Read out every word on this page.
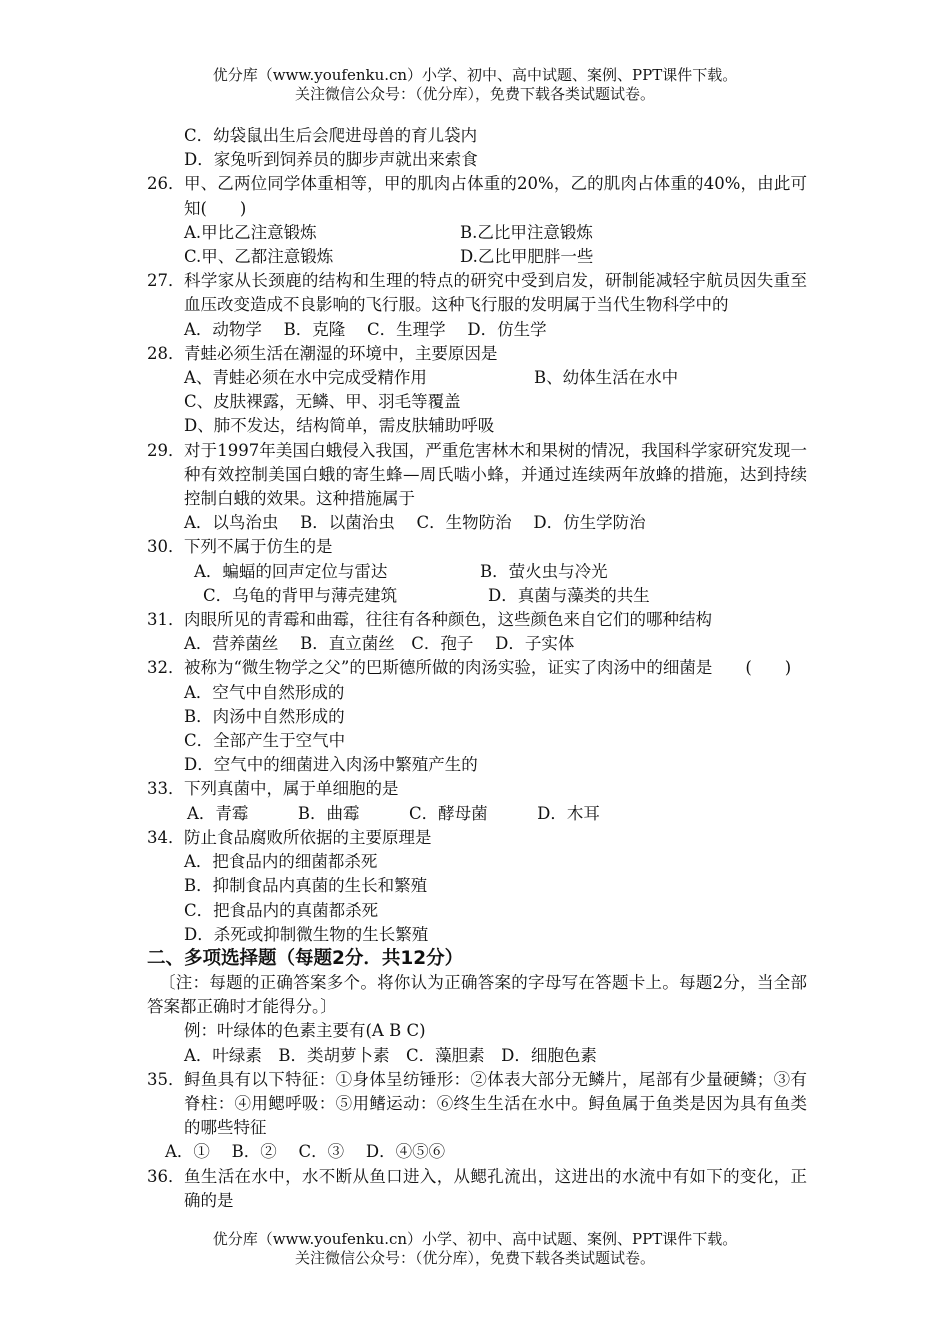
优分库（www.youfenku.cn）小学、初中、高中试题、案例、PPT课件下载。
关注微信公众号：（优分库），免费下载各类试题试卷。
C．幼袋鼠出生后会爬进母兽的育儿袋内
D．家兔听到饲养员的脚步声就出来索食
26． 甲、乙两位同学体重相等，甲的肌肉占体重的20%，乙的肌肉占体重的40%，由此可知(　　)
A.甲比乙注意锻炼	B.乙比甲注意锻炼
C.甲、乙都注意锻炼	D.乙比甲肥胖一些
27． 科学家从长颈鹿的结构和生理的特点的研究中受到启发，研制能减轻宇航员因失重至血压改变造成不良影响的飞行服。这种飞行服的发明属于当代生物科学中的
A．动物学　 B．克隆　 C．生理学　 D．仿生学
28． 青蛙必须生活在潮湿的环境中，主要原因是
A、青蛙必须在水中完成受精作用	B、幼体生活在水中
C、皮肤裸露，无鳞、甲、羽毛等覆盖
D、肺不发达，结构简单，需皮肤辅助呼吸
29． 对于1997年美国白蛾侵入我国，严重危害林木和果树的情况，我国科学家研究发现一种有效控制美国白蛾的寄生蜂—周氏啮小蜂，并通过连续两年放蜂的措施，达到持续控制白蛾的效果。这种措施属于
A．以鸟治虫　 B．以菌治虫　 C．生物防治　 D．仿生学防治
30． 下列不属于仿生的是
A．蝙蝠的回声定位与雷达	B．萤火虫与冷光
C．乌龟的背甲与薄壳建筑	D．真菌与藻类的共生
31． 肉眼所见的青霉和曲霉，往往有各种颜色，这些颜色来自它们的哪种结构
A．营养菌丝　 B．直立菌丝　C．孢子　 D．子实体
32． 被称为“微生物学之父”的巴斯德所做的肉汤实验，证实了肉汤中的细菌是　　(　　)
A．空气中自然形成的
B．肉汤中自然形成的
C．全部产生于空气中
D．空气中的细菌进入肉汤中繁殖产生的
33． 下列真菌中，属于单细胞的是
A．青霉　　　B．曲霉　　　C．酵母菌　　　D．木耳
34． 防止食品腐败所依据的主要原理是
A．把食品内的细菌都杀死
B．抑制食品内真菌的生长和繁殖
C．把食品内的真菌都杀死
D．杀死或抑制微生物的生长繁殖
二、多项选择题（每题2分．共12分）
〔注：每题的正确答案多个。将你认为正确答案的字母写在答题卡上。每题2分，当全部答案都正确时才能得分。〕
例：叶绿体的色素主要有(A B C)
A．叶绿素　B．类胡萝卜素　C．藻胆素　D．细胞色素
35． 鲟鱼具有以下特征：①身体呈纺锤形：②体表大部分无鳞片，尾部有少量硬鳞；③有脊柱：④用鳃呼吸：⑤用鳍运动：⑥终生生活在水中。鲟鱼属于鱼类是因为具有鱼类的哪些特征
A．①　 B．②　 C．③　 D．④⑤⑥
36． 鱼生活在水中，水不断从鱼口进入，从鳃孔流出，这进出的水流中有如下的变化，正确的是
优分库（www.youfenku.cn）小学、初中、高中试题、案例、PPT课件下载。
关注微信公众号：（优分库），免费下载各类试题试卷。
